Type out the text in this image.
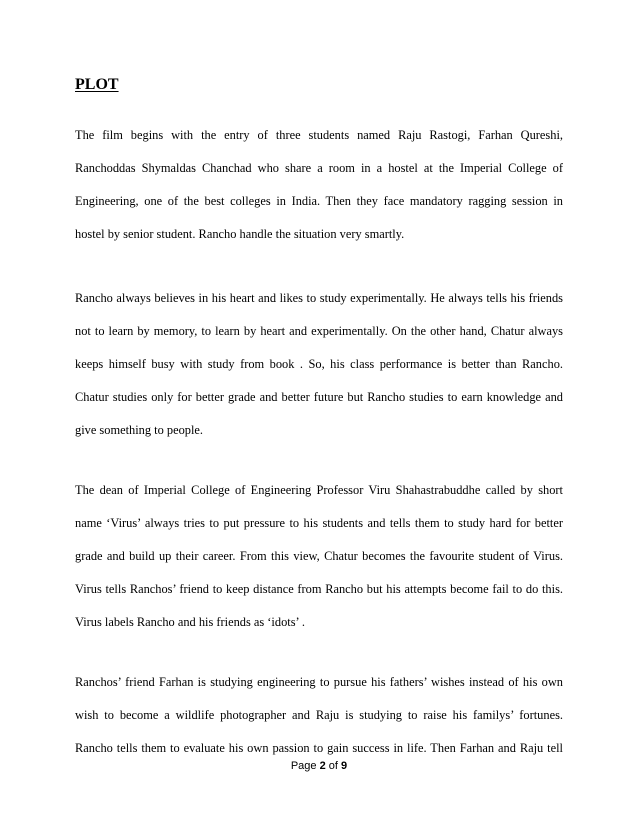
PLOT
The film begins with the entry of three students named Raju Rastogi, Farhan Qureshi,
Ranchoddas Shymaldas Chanchad who share a room in a hostel at the Imperial College of
Engineering, one of the best colleges in India. Then they face mandatory ragging session in
hostel by senior student. Rancho handle the situation very smartly.
Rancho always believes in his heart and likes to study experimentally. He always tells his friends
not to learn by memory, to learn by heart and experimentally. On the other hand, Chatur always
keeps himself busy with study from book . So, his class performance is better than Rancho.
Chatur studies only for better grade and better future but Rancho studies to earn knowledge and
give something to people.
The dean of Imperial College of Engineering Professor Viru Shahastrabuddhe called by short
name ‘Virus’ always tries to put pressure to his students and tells them to study hard for better
grade and build up their career. From this view, Chatur becomes the favourite student of Virus.
Virus tells Ranchos’ friend to keep distance from Rancho but his attempts become fail to do this.
Virus labels Rancho and his friends as ‘idots’ .
Ranchos’ friend Farhan is studying engineering to pursue his fathers’ wishes instead of his own
wish to become a wildlife photographer and Raju is studying to raise his familys’ fortunes.
Rancho tells them to evaluate his own passion to gain success in life. Then Farhan and Raju tell
Page 2 of 9
